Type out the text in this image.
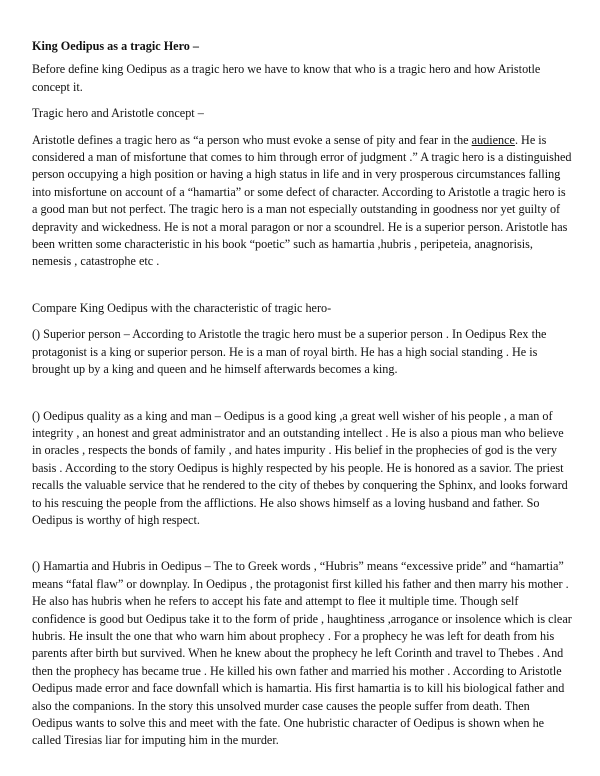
King Oedipus as a tragic Hero –

Before define king Oedipus as a tragic hero we have to know that who is a tragic hero and how Aristotle concept it.

Tragic hero and Aristotle concept –

Aristotle defines a tragic hero as “a person who must evoke a sense of pity and fear in the audience. He is considered a man of misfortune that comes to him through error of judgment .” A tragic hero is a distinguished person occupying a high position or having a high status in life and in very prosperous circumstances falling into misfortune on account of a “hamartia” or some defect of character. According to Aristotle a tragic hero is a good man but not perfect. The tragic hero is a man not especially outstanding in goodness nor yet guilty of depravity and wickedness. He is not a moral paragon or nor a scoundrel. He is a superior person. Aristotle has been written some characteristic in his book “poetic” such as hamartia ,hubris , peripeteia, anagnorisis, nemesis , catastrophe etc .

Compare King Oedipus with the characteristic of tragic hero-

() Superior person – According to Aristotle the tragic hero must be a superior person . In Oedipus Rex the protagonist is a king or superior person. He is a man of royal birth. He has a high social standing . He is brought up by a king and queen and he himself afterwards becomes a king.

() Oedipus quality as a king and man – Oedipus is a good king ,a great well wisher of his people , a man of integrity , an honest and great administrator and an outstanding intellect . He is also a pious man who believe in oracles , respects the bonds of family , and hates impurity . His belief in the prophecies of god is the very basis . According to the story Oedipus is highly respected by his people. He is honored as a savior. The priest recalls the valuable service that he rendered to the city of thebes by conquering the Sphinx, and looks forward to his rescuing the people from the afflictions. He also shows himself as a loving husband and father. So Oedipus is worthy of high respect.

() Hamartia and Hubris in Oedipus – The to Greek words , “Hubris” means “excessive pride” and “hamartia” means “fatal flaw” or downplay. In Oedipus , the protagonist first killed his father and then marry his mother . He also has hubris when he refers to accept his fate and attempt to flee it multiple time. Though self confidence is good but Oedipus take it to the form of pride , haughtiness ,arrogance or insolence which is clear hubris. He insult the one that who warn him about prophecy . For a prophecy he was left for death from his parents after birth but survived. When he knew about the prophecy he left Corinth and travel to Thebes . And then the prophecy has became true . He killed his own father and married his mother . According to Aristotle Oedipus made error and face downfall which is hamartia. His first hamartia is to kill his biological father and also the companions. In the story this unsolved murder case causes the people suffer from death. Then Oedipus wants to solve this and meet with the fate. One hubristic character of Oedipus is shown when he called Tiresias liar for imputing him in the murder.
